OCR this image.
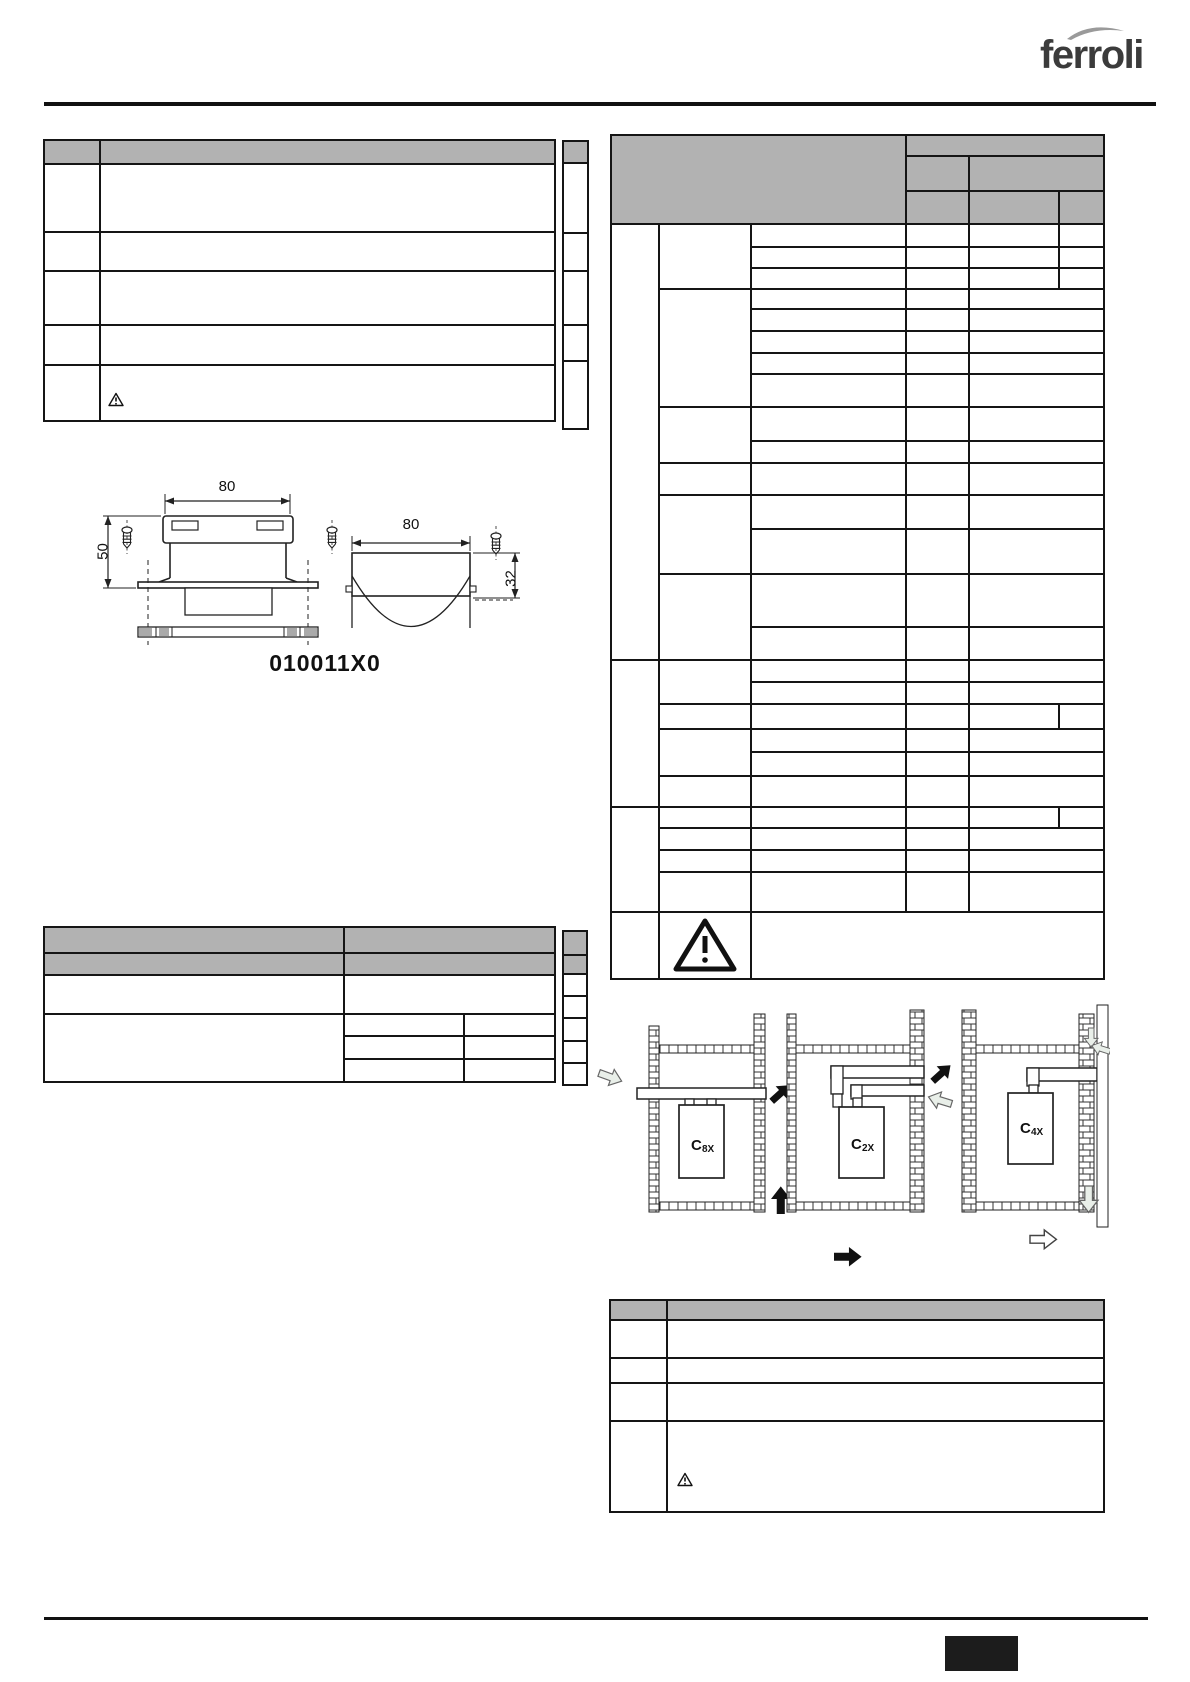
ferroli

80
50
80
32
010011X0

C 8X	C 2X
C 4X
